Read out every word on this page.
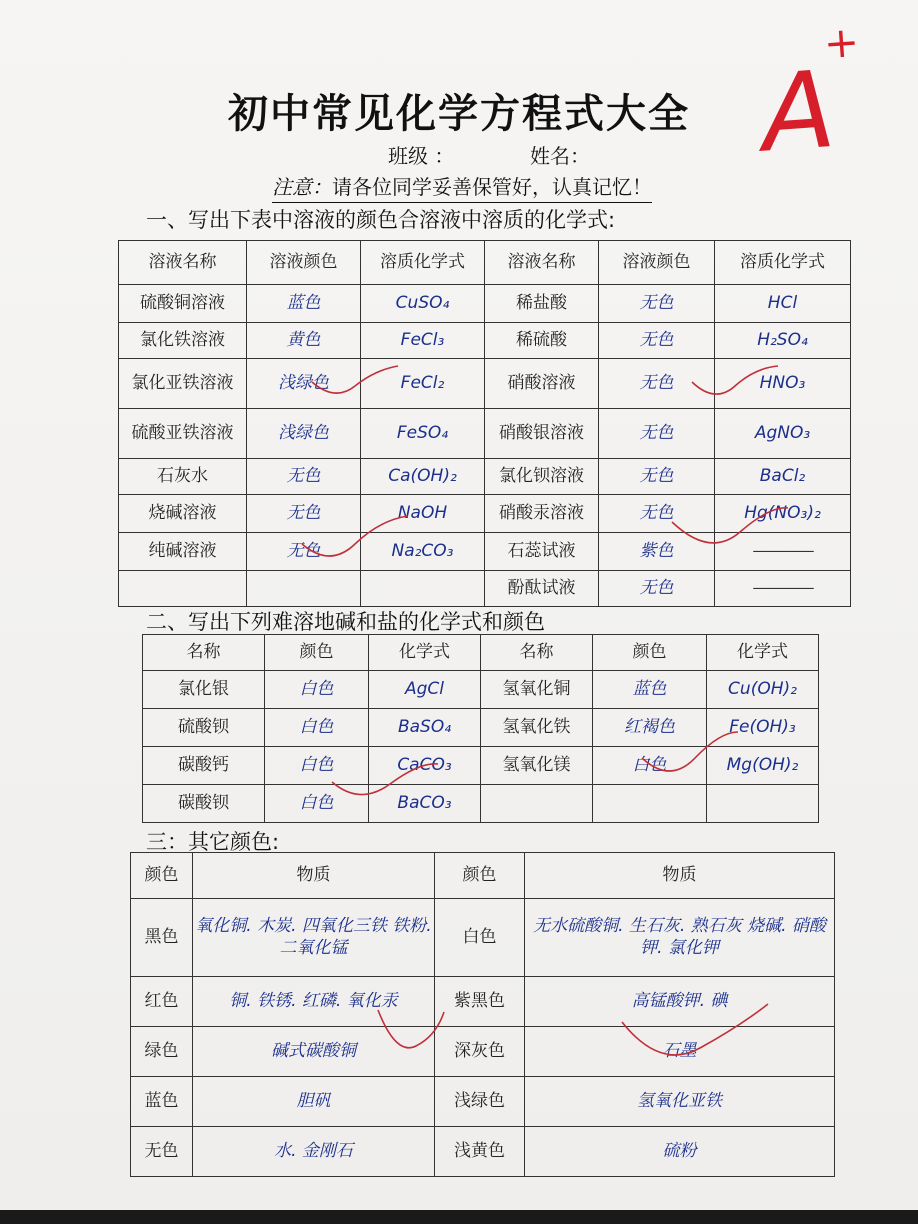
初中常见化学方程式大全 A+
班级 ：	姓名：
注意：请各位同学妥善保管好，认真记忆！
一、写出下表中溶液的颜色合溶液中溶质的化学式:
溶液名称	溶液颜色	溶质化学式	溶液名称	溶液颜色	溶质化学式
硫酸铜溶液	蓝色	CuSO₄	稀盐酸	无色	HCl
氯化铁溶液	黄色	FeCl₃	稀硫酸	无色	H₂SO₄
氯化亚铁溶液	浅绿色	FeCl₂	硝酸溶液	无色	HNO₃
硫酸亚铁溶液	浅绿色	FeSO₄	硝酸银溶液	无色	AgNO₃
石灰水	无色	Ca(OH)₂	氯化钡溶液	无色	BaCl₂
烧碱溶液	无色	NaOH	硝酸汞溶液	无色	Hg(NO₃)₂
纯碱溶液	无色	Na₂CO₃	石蕊试液	紫色	————
			酚酞试液	无色	————
二、写出下列难溶地碱和盐的化学式和颜色
名称	颜色	化学式	名称	颜色	化学式
氯化银	白色	AgCl	氢氧化铜	蓝色	Cu(OH)₂
硫酸钡	白色	BaSO₄	氢氧化铁	红褐色	Fe(OH)₃
碳酸钙	白色	CaCO₃	氢氧化镁	白色	Mg(OH)₂
碳酸钡	白色	BaCO₃			
三：其它颜色:
颜色	物质	颜色	物质
黑色	氧化铜. 木炭. 四氧化三铁 铁粉. 二氧化锰	白色	无水硫酸铜. 生石灰. 熟石灰 烧碱. 硝酸钾. 氯化钾
红色	铜. 铁锈. 红磷. 氧化汞	紫黑色	高锰酸钾. 碘
绿色	碱式碳酸铜	深灰色	石墨
蓝色	胆矾	浅绿色	氢氧化亚铁
无色	水. 金刚石	浅黄色	硫粉
